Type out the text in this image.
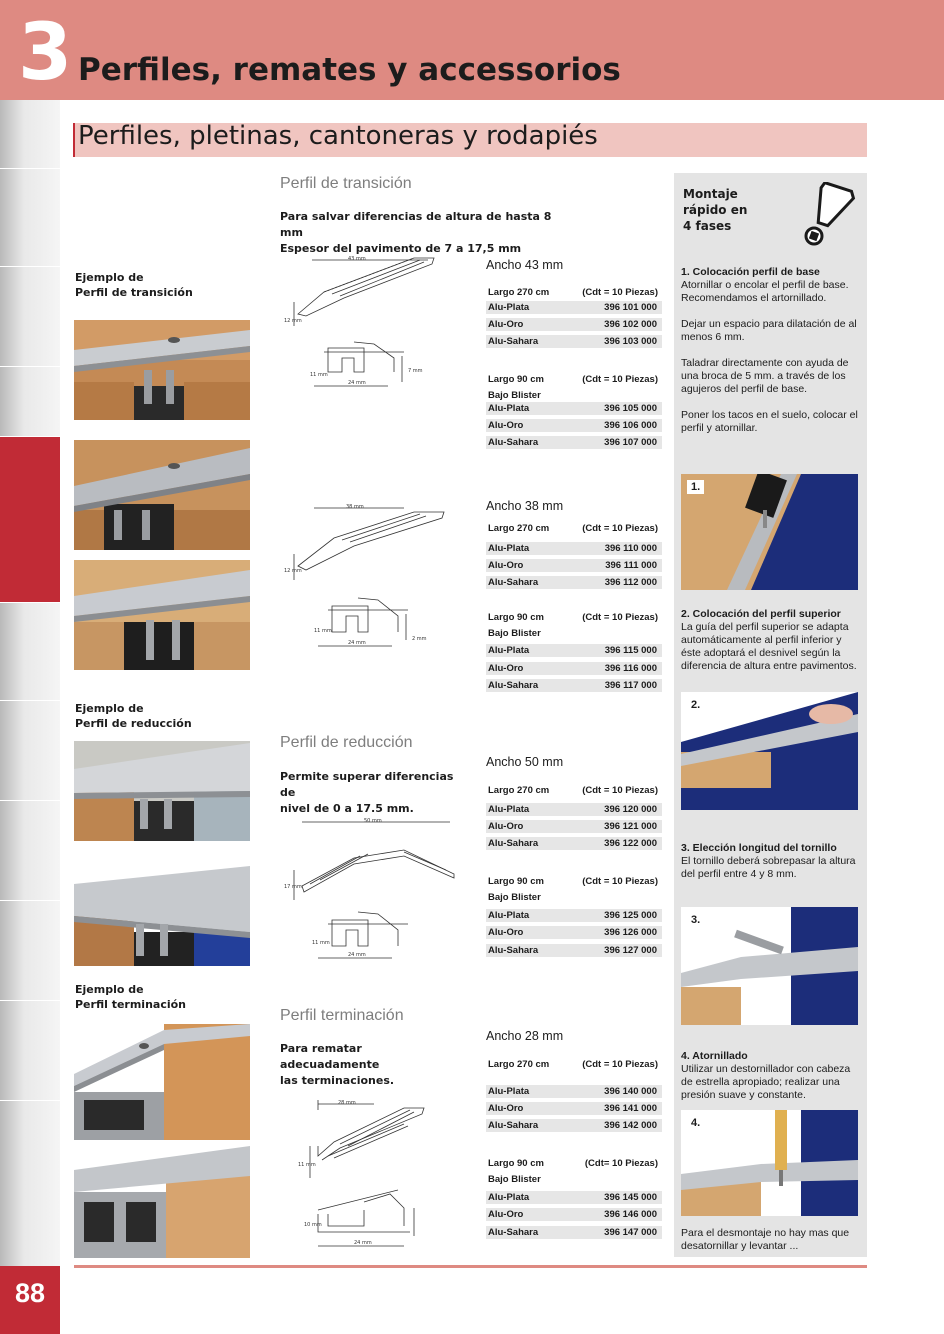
3 Perfiles, remates y accessorios
88
Perfiles, pletinas, cantoneras y rodapiés
Ejemplo de
Perfil de transición
Ejemplo de
Perfil de reducción
Ejemplo de
Perfil terminación
Perfil de transición
Para salvar diferencias de altura de hasta 8 mm
Espesor del pavimento de 7 a 17,5 mm
Perfil de reducción
Permite superar diferencias de
nivel de 0 a 17.5 mm.
Perfil terminación
Para rematar adecuadamente
las terminaciones.
43 mm
12 mm
11 mm
7 mm
24 mm
38 mm
12 mm
11 mm
2 mm
24 mm
50 mm
17 mm
11 mm
24 mm
28 mm
11 mm
10 mm
24 mm
Ancho 43 mm
Largo 270 cm	(Cdt = 10 Piezas)
Alu-Plata	396 101 000
Alu-Oro	396 102 000
Alu-Sahara	396 103 000
Largo 90 cm	(Cdt = 10 Piezas)
Bajo Blister
Alu-Plata	396 105 000
Alu-Oro	396 106 000
Alu-Sahara	396 107 000
Ancho 38 mm
Largo 270 cm	(Cdt = 10 Piezas)
Alu-Plata	396 110 000
Alu-Oro	396 111 000
Alu-Sahara	396 112 000
Largo 90 cm	(Cdt = 10 Piezas)
Bajo Blister
Alu-Plata	396 115 000
Alu-Oro	396 116 000
Alu-Sahara	396 117 000
Ancho 50 mm
Largo 270 cm	(Cdt = 10 Piezas)
Alu-Plata	396 120 000
Alu-Oro	396 121 000
Alu-Sahara	396 122 000
Largo 90 cm	(Cdt = 10 Piezas)
Bajo Blister
Alu-Plata	396 125 000
Alu-Oro	396 126 000
Alu-Sahara	396 127 000
Ancho 28 mm
Largo 270 cm	(Cdt = 10 Piezas)
Alu-Plata	396 140 000
Alu-Oro	396 141 000
Alu-Sahara	396 142 000
Largo 90 cm	(Cdt= 10 Piezas)
Bajo Blister
Alu-Plata	396 145 000
Alu-Oro	396 146 000
Alu-Sahara	396 147 000
Montaje
rápido en
4 fases
1. Colocación perfil de base
Atornillar o encolar el perfil de base. Recomendamos el artornillado.

Dejar un espacio para dilatación de al menos 6 mm.

Taladrar directamente con ayuda de una broca de 5 mm. a través de los agujeros del perfil de base.

Poner los tacos en el suelo, colocar el perfil y atornillar.
1.
2. Colocación del perfil superior
La guía del perfil superior se adapta automáticamente al perfil inferior y éste adoptará el desnivel según la diferencia de altura entre pavimentos.
2.
3. Elección longitud del tornillo
El tornillo deberá sobrepasar la altura del perfil entre 4 y 8 mm.
3.
4. Atornillado
Utilizar un destornillador con cabeza de estrella apropiado; realizar una presión suave y constante.
4.
Para el desmontaje no hay mas que desatornillar y levantar ...
